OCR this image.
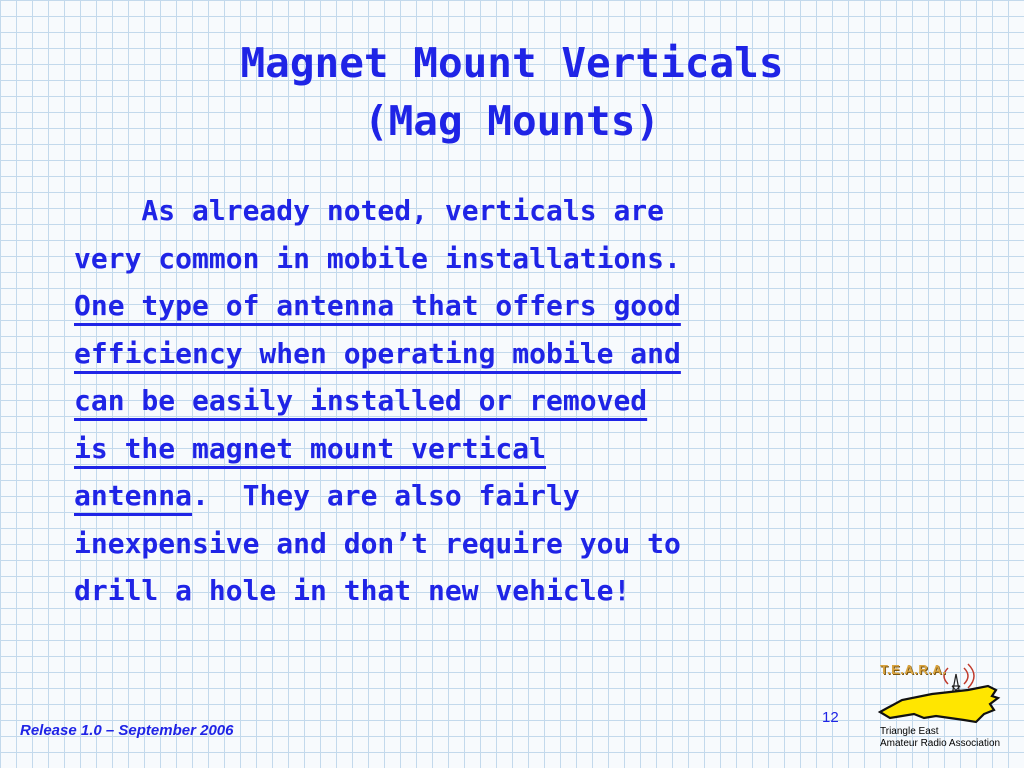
Magnet Mount Verticals
(Mag Mounts)
As already noted, verticals are
very common in mobile installations.
One type of antenna that offers good
efficiency when operating mobile and
can be easily installed or removed
is the magnet mount vertical
antenna.  They are also fairly
inexpensive and don’t require you to
drill a hole in that new vehicle!
Release 1.0 – September 2006
12
T.E.A.R.A.
Triangle East
Amateur Radio Association
